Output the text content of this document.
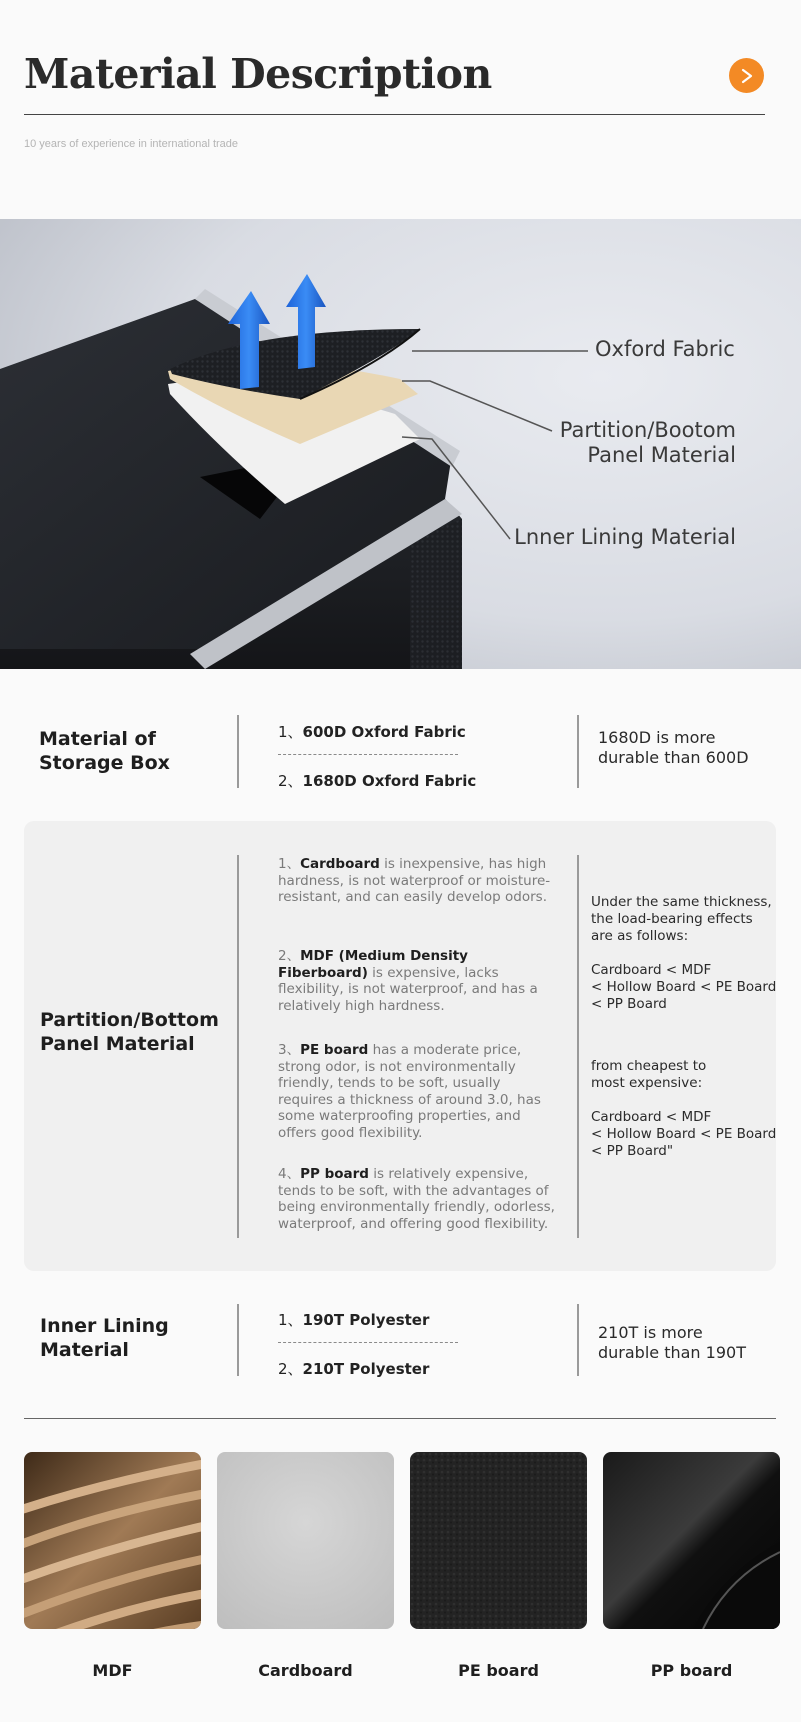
Material Description
10 years of experience in international trade
Oxford Fabric
Partition/Bootom
Panel Material
Lnner Lining Material
Material of
Storage Box
1、600D Oxford Fabric
2、1680D Oxford Fabric
1680D is more
durable than 600D
Partition/Bottom
Panel Material
1、Cardboard is inexpensive, has high hardness, is not waterproof or moisture-resistant, and can easily develop odors.
2、MDF (Medium Density Fiberboard) is expensive, lacks flexibility, is not waterproof, and has a relatively high hardness.
3、PE board has a moderate price, strong odor, is not environmentally friendly, tends to be soft, usually requires a thickness of around 3.0, has some waterproofing properties, and offers good flexibility.
4、PP board is relatively expensive, tends to be soft, with the advantages of being environmentally friendly, odorless, waterproof, and offering good flexibility.
Under the same thickness,
the load-bearing effects
are as follows:
Cardboard < MDF
< Hollow Board < PE Board
< PP Board
from cheapest to
most expensive:
Cardboard < MDF
< Hollow Board < PE Board
< PP Board"
Inner Lining
Material
1、190T Polyester
2、210T Polyester
210T is more
durable than 190T
MDF	Cardboard	PE board	PP board
